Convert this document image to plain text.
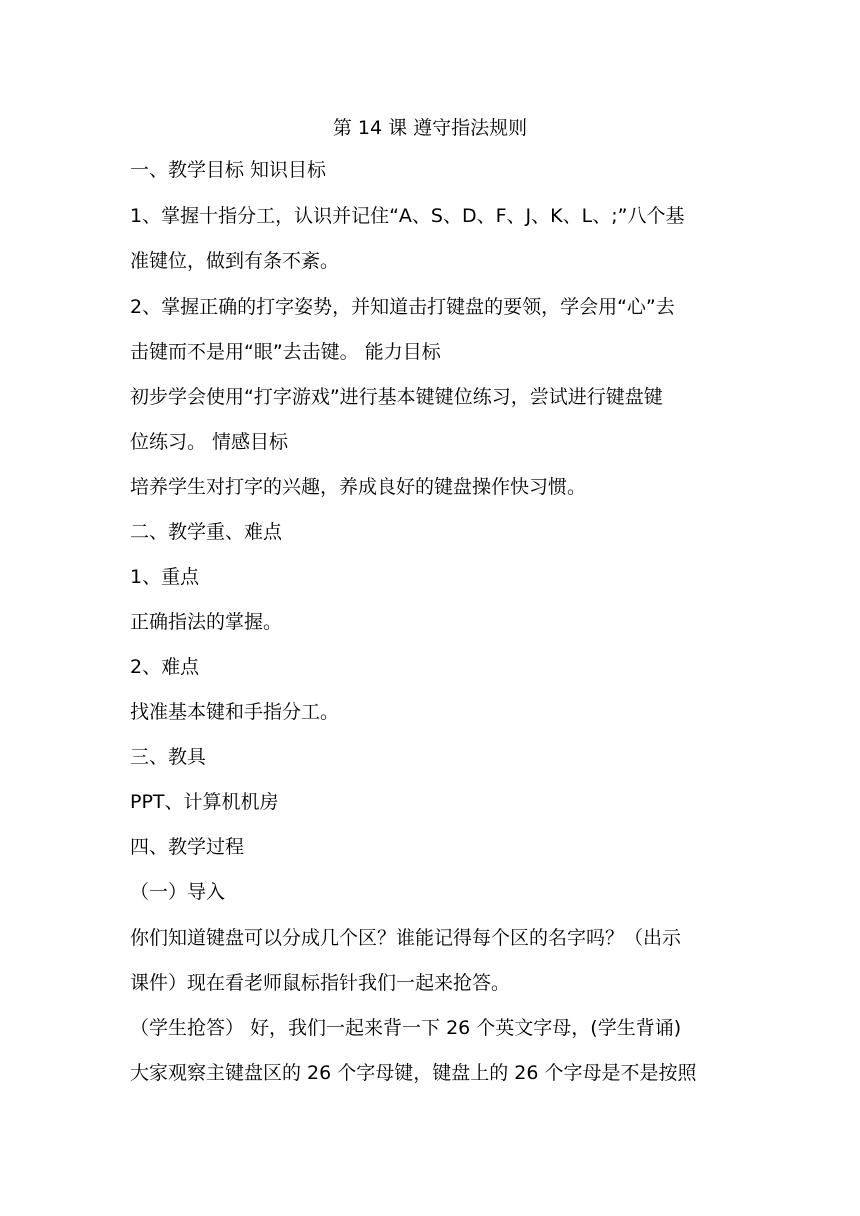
第 14 课 遵守指法规则

一、教学目标 知识目标

1、掌握十指分工，认识并记住“A、S、D、F、J、K、L、;”八个基
准键位，做到有条不紊。

2、掌握正确的打字姿势，并知道击打键盘的要领，学会用“心”去
击键而不是用“眼”去击键。 能力目标

初步学会使用“打字游戏”进行基本键键位练习，尝试进行键盘键
位练习。 情感目标

培养学生对打字的兴趣，养成良好的键盘操作快习惯。

二、教学重、难点

1、重点

正确指法的掌握。

2、难点

找准基本键和手指分工。

三、教具

PPT、计算机机房

四、教学过程

（一）导入

你们知道键盘可以分成几个区？谁能记得每个区的名字吗？（出示
课件）现在看老师鼠标指针我们一起来抢答。

（学生抢答） 好，我们一起来背一下 26 个英文字母，(学生背诵)

大家观察主键盘区的 26 个字母键，键盘上的 26 个字母是不是按照
